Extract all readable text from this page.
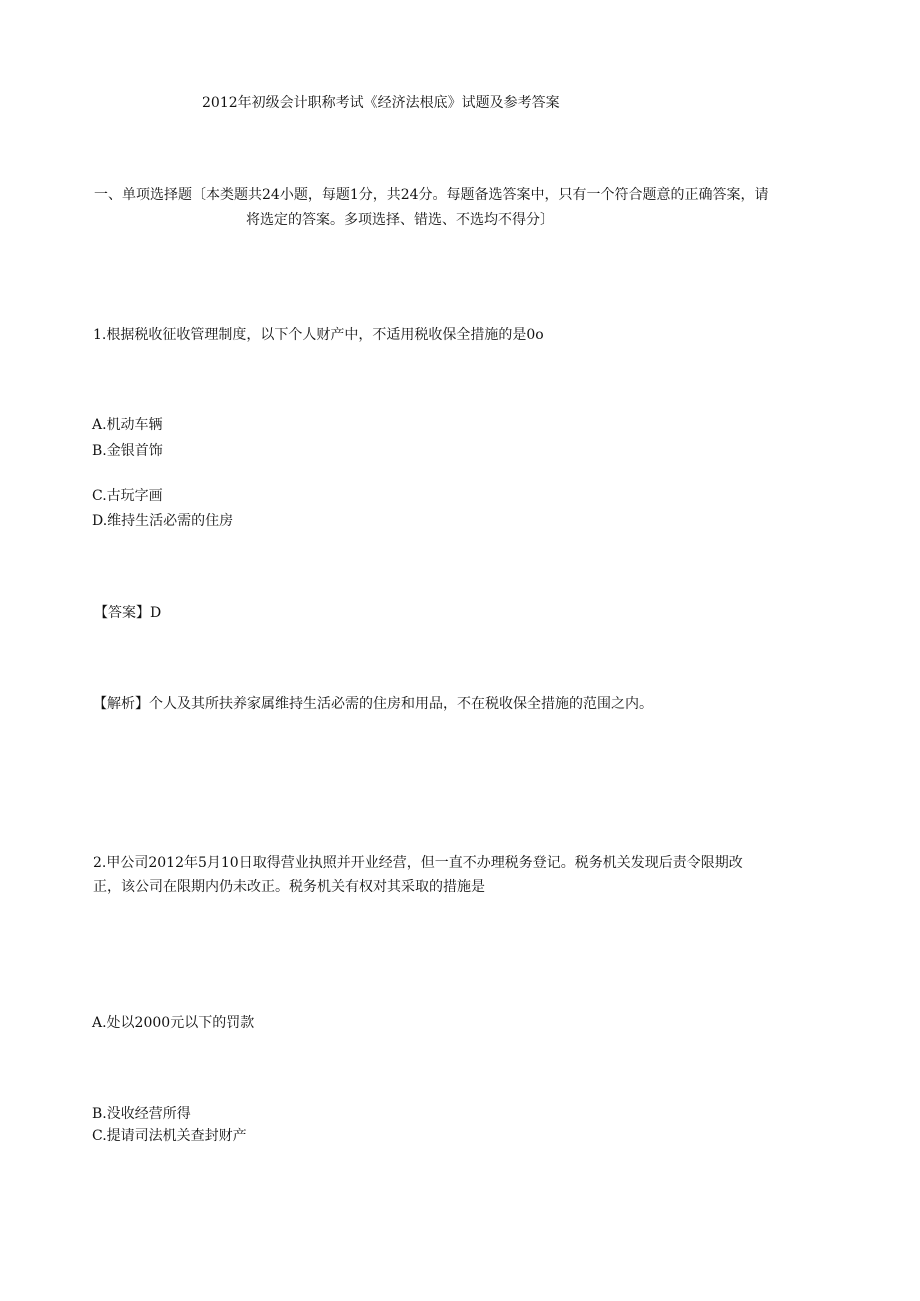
2012年初级会计职称考试《经济法根底》试题及参考答案

一、单项选择题〔本类题共24小题，每题1分，共24分。每题备选答案中，只有一个符合题意的正确答案，请

将选定的答案。多项选择、错选、不选均不得分〕

1.根据税收征收管理制度，以下个人财产中，不适用税收保全措施的是0o

A.机动车辆

B.金银首饰

C.古玩字画

D.维持生活必需的住房

【答案】D

【解析】个人及其所扶养家属维持生活必需的住房和用品，不在税收保全措施的范围之内。

2.甲公司2012年5月10日取得营业执照并开业经营，但一直不办理税务登记。税务机关发现后责令限期改

正，该公司在限期内仍未改正。税务机关有权对其采取的措施是

A.处以2000元以下的罚款

B.没收经营所得

C.提请司法机关查封财产
